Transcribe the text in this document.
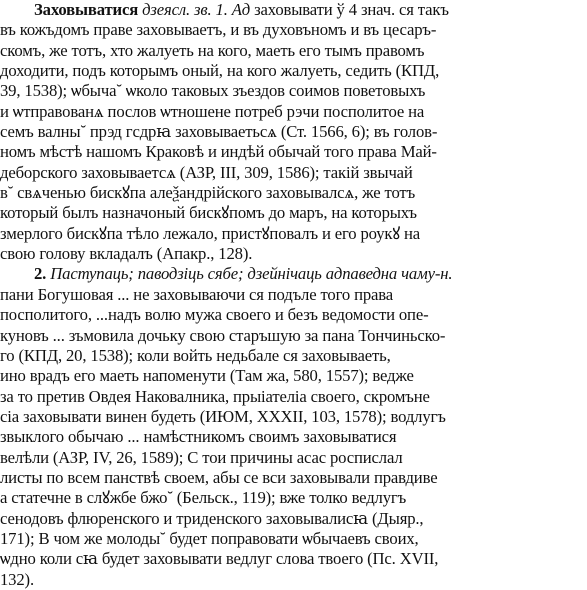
Заховыватися дзеясл. зв. 1. Ад заховывати ў 4 знач. ся такъ
въ кожъдомъ праве заховываетъ, и въ духовъномъ и въ цесаръ-
скомъ, же тотъ, хто жалуеть на кого, маеть его тымъ правомъ
доходити, подъ которымъ оный, на кого жалуеть, седить (КПД,
39, 1538); ѡбыча˘ ѡколо таковых зъездов соимов поветовыхъ
и ѡтправованѧ послов ѡтношене потреб рэчи посполитое на
семъ валны˘ прэд гсдрꙗ заховываетьсѧ (Ст. 1566, 6); въ голов-
номъ мѣстѣ нашомъ Краковѣ и индѣй обычай того права Май-
деборского заховываетсѧ (АЗР, III, 309, 1586); такій звычай
в˘ свѧченью бискꙋпа алеѯандрійского заховывалсѧ, же тотъ
который былъ назначоный бискꙋпомъ до маръ, на которыхъ
змерлого бискꙋпа тѣло лежало, пристꙋповалъ и его роукꙋ на
свою голову вкладалъ (Апакр., 128).
2. Паступаць; паводзіць сябе; дзейнічаць адпаведна чаму-н.
пани Богушовая ... не заховываючи ся подъле того права
посполитого, ...надъ волю мужа своего и безъ ведомости опе-
куновъ ... зъмовила дочьку свою старъшую за пана Тончиньско-
го (КПД, 20, 1538); коли войть недьбале ся заховываеть,
ино врадъ его маеть напоменути (Там жа, 580, 1557); ведже
за то претив Овдея Наковалника, прыіателіа своего, скромъне
сіа заховывати винен будеть (ИЮМ, XXXII, 103, 1578); водлугъ
звыклого обычаю ... намѣстникомъ своимъ заховыватися
велѣли (АЗР, IV, 26, 1589); С тои причины асас роспислал
листы по всем панствѣ своем, абы се вси заховывали правдиве
а статечне в слꙋжбе бжо˘ (Бельск., 119); вже толко ведлугъ
сенодовъ флюренского и триденского заховывалисꙗ (Дыяр.,
171); В чом же молоды˘ будет поправовати ѡбычаевъ своих,
ѡдно коли сꙗ будет заховывати ведлуг слова твоего (Пс. XVII,
132).
